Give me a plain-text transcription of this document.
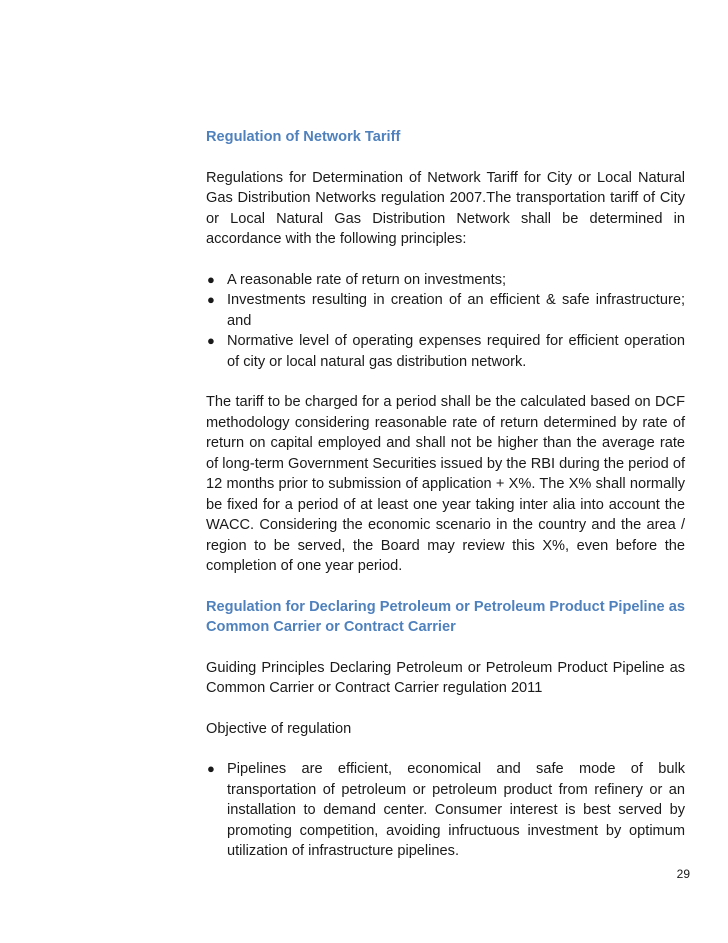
Regulation of Network Tariff

Regulations for Determination of Network Tariff for City or Local Natural Gas Distribution Networks regulation 2007.The transportation tariff of City or Local Natural Gas Distribution Network shall be determined in accordance with the following principles:

● A reasonable rate of return on investments;
● Investments resulting in creation of an efficient & safe infrastructure; and
● Normative level of operating expenses required for efficient operation of city or local natural gas distribution network.

The tariff to be charged for a period shall be the calculated based on DCF methodology considering reasonable rate of return determined by rate of return on capital employed and shall not be higher than the average rate of long-term Government Securities issued by the RBI during the period of 12 months prior to submission of application + X%. The X% shall normally be fixed for a period of at least one year taking inter alia into account the WACC. Considering the economic scenario in the country and the area / region to be served, the Board may review this X%, even before the completion of one year period.

Regulation for Declaring Petroleum or Petroleum Product Pipeline as Common Carrier or Contract Carrier

Guiding Principles Declaring Petroleum or Petroleum Product Pipeline as Common Carrier or Contract Carrier regulation 2011

Objective of regulation

● Pipelines are efficient, economical and safe mode of bulk transportation of petroleum or petroleum product from refinery or an installation to demand center. Consumer interest is best served by promoting competition, avoiding infructuous investment by optimum utilization of infrastructure pipelines.
29
